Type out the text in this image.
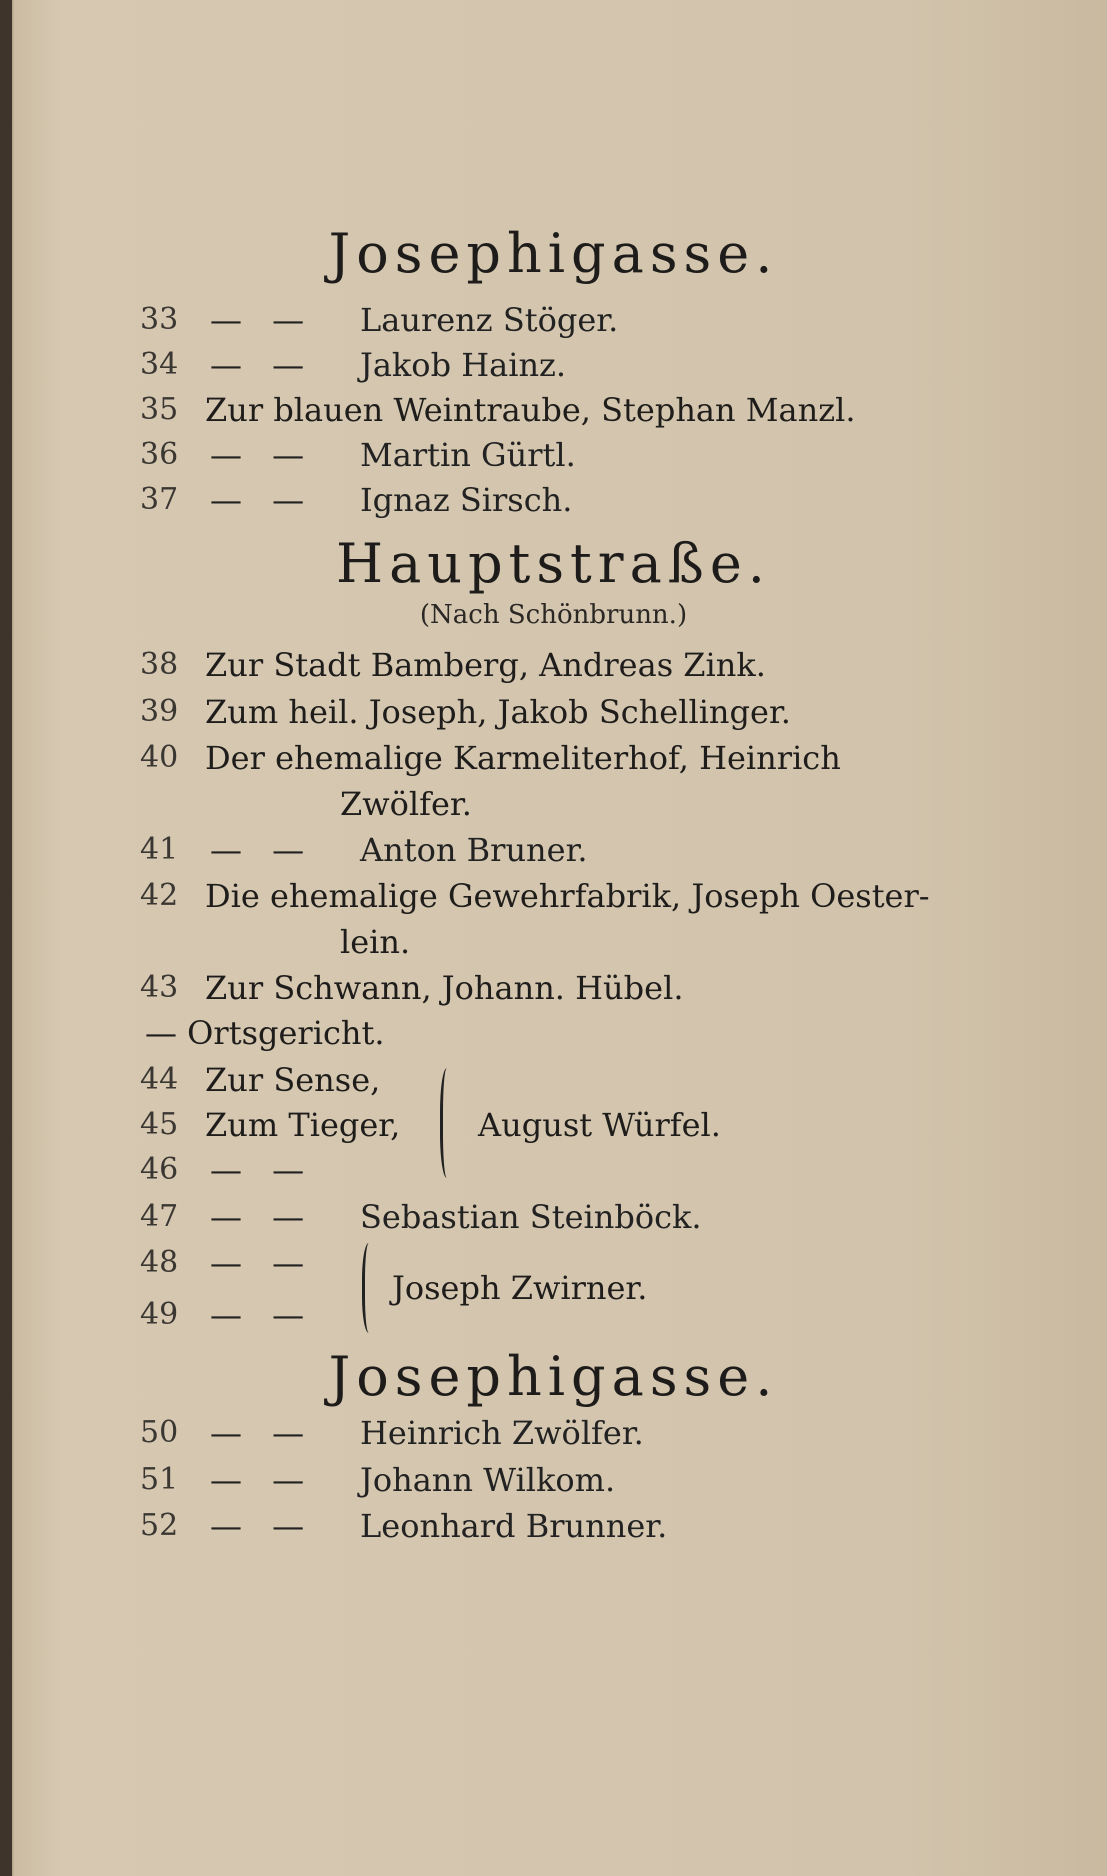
Josephigasse.
33 — — Laurenz Stöger.
34 — — Jakob Hainz.
35 Zur blauen Weintraube, Stephan Manzl.
36 — — Martin Gürtl.
37 — — Ignaz Sirsch.
Hauptstraße.
(Nach Schönbrunn.)
38 Zur Stadt Bamberg, Andreas Zink.
39 Zum heil. Joseph, Jakob Schellinger.
40 Der ehemalige Karmeliterhof, Heinrich
Zwölfer.
41 — — Anton Bruner.
42 Die ehemalige Gewehrfabrik, Joseph Oester-
lein.
43 Zur Schwann, Johann. Hübel.
— Ortsgericht.
44 Zur Sense,
45 Zum Tieger,
46 — —
August Würfel.
47 — — Sebastian Steinböck.
48 — —
49 — —
Joseph Zwirner.
Josephigasse.
50 — — Heinrich Zwölfer.
51 — — Johann Wilkom.
52 — — Leonhard Brunner.
